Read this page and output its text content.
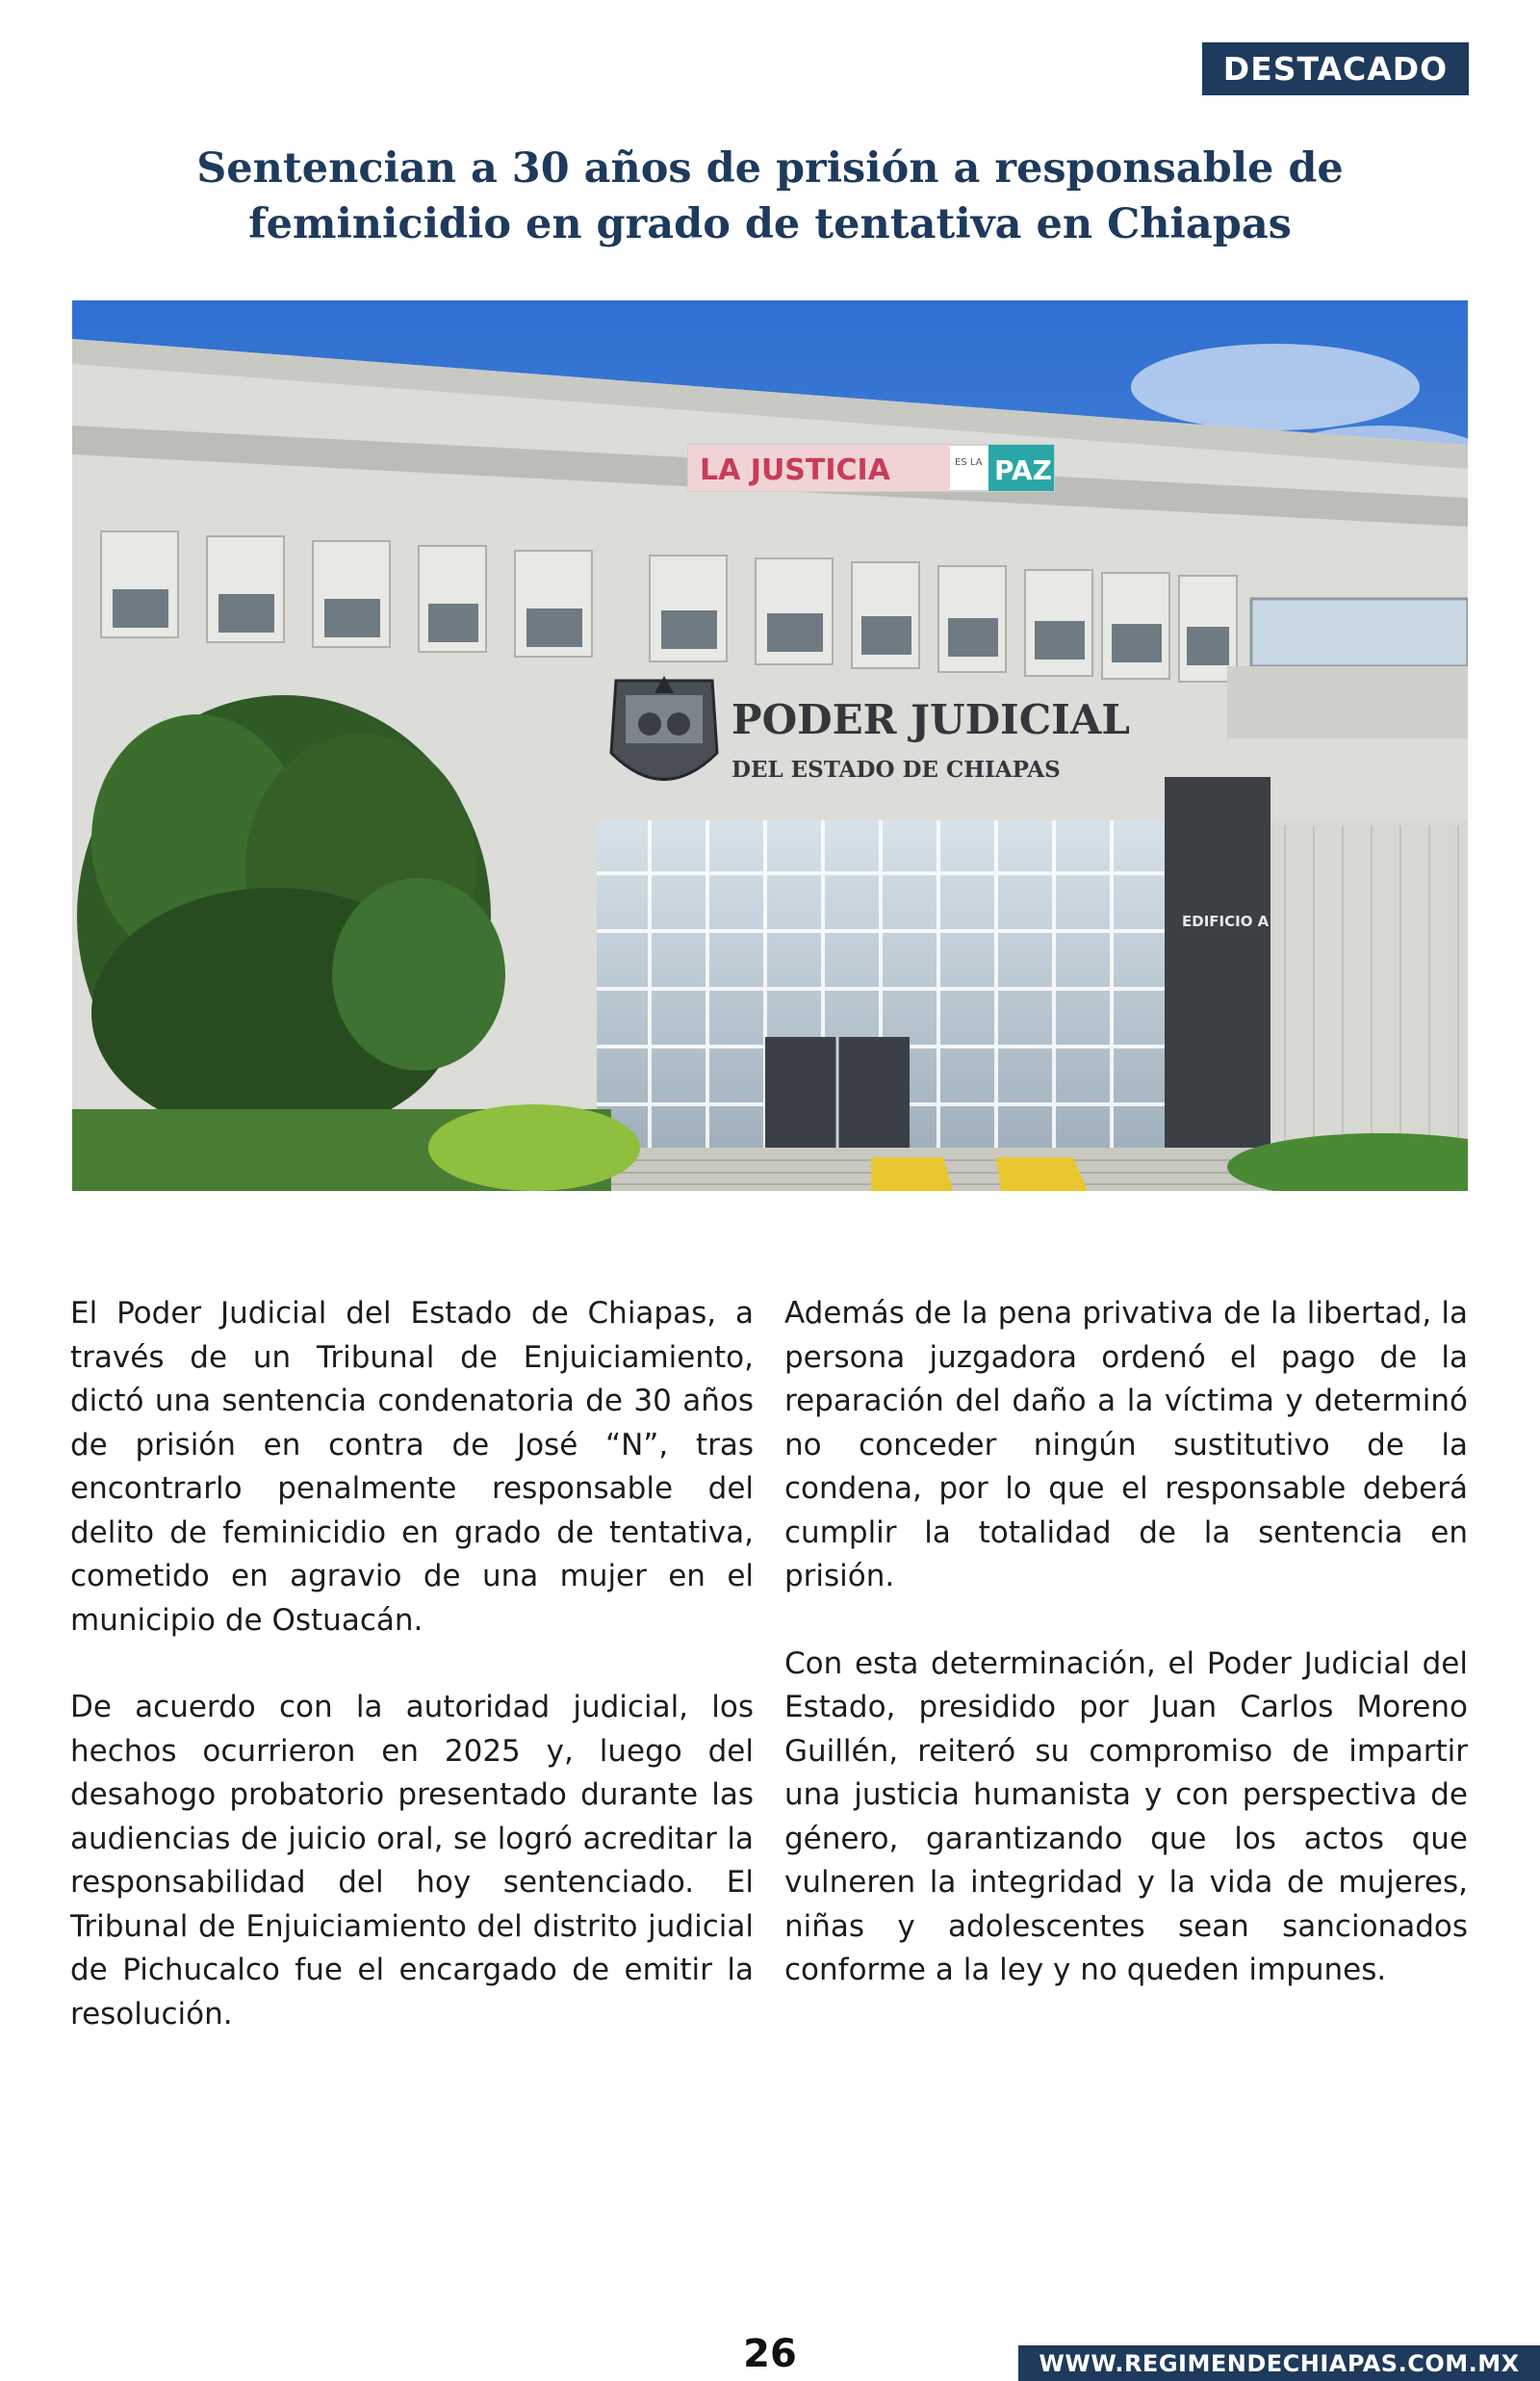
DESTACADO
Sentencian a 30 años de prisión a responsable de feminicidio en grado de tentativa en Chiapas
LA JUSTICIA	ES LA PAZ
PODER JUDICIAL
DEL ESTADO DE CHIAPAS
EDIFICIO A

El Poder Judicial del Estado de Chiapas, a través de un Tribunal de Enjuiciamiento, dictó una sentencia condenatoria de 30 años de prisión en contra de José “N”, tras encontrarlo penalmente responsable del delito de feminicidio en grado de tentativa, cometido en agravio de una mujer en el municipio de Ostuacán.

De acuerdo con la autoridad judicial, los hechos ocurrieron en 2025 y, luego del desahogo probatorio presentado durante las audiencias de juicio oral, se logró acreditar la responsabilidad del hoy sentenciado. El Tribunal de Enjuiciamiento del distrito judicial de Pichucalco fue el encargado de emitir la resolución.

Además de la pena privativa de la libertad, la persona juzgadora ordenó el pago de la reparación del daño a la víctima y determinó no conceder ningún sustitutivo de la condena, por lo que el responsable deberá cumplir la totalidad de la sentencia en prisión.

Con esta determinación, el Poder Judicial del Estado, presidido por Juan Carlos Moreno Guillén, reiteró su compromiso de impartir una justicia humanista y con perspectiva de género, garantizando que los actos que vulneren la integridad y la vida de mujeres, niñas y adolescentes sean sancionados conforme a la ley y no queden impunes.

26	WWW.REGIMENDECHIAPAS.COM.MX
